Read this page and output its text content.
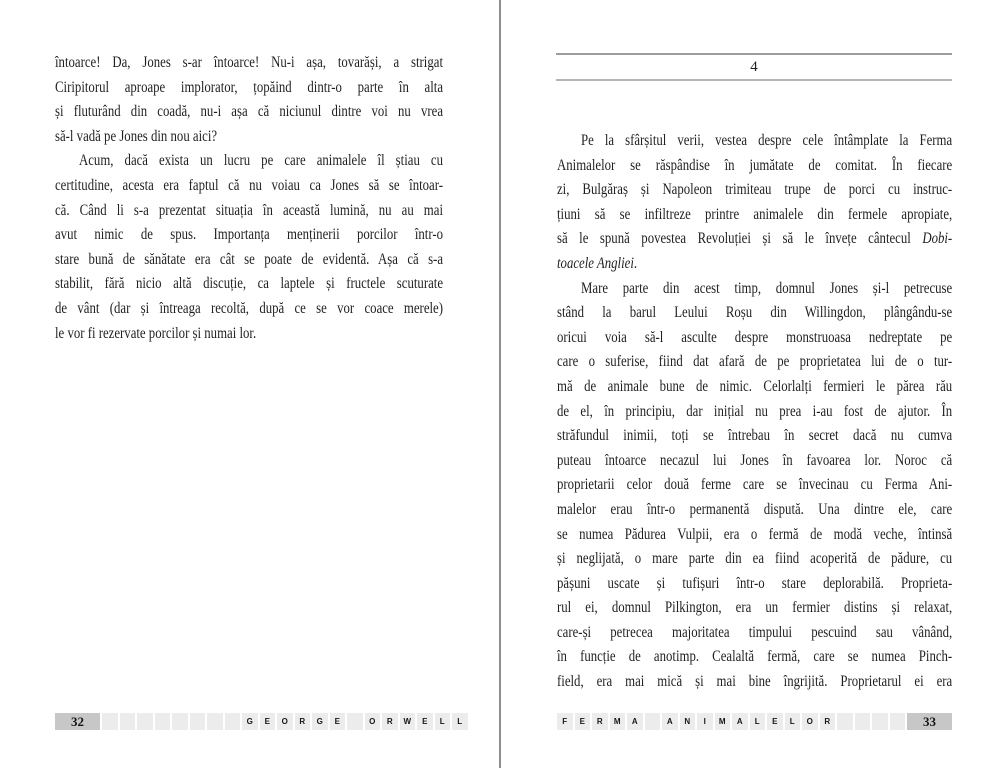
întoarce! Da, Jones s-ar întoarce! Nu-i așa, tovarăși, a strigat
Ciripitorul aproape implorator, țopăind dintr-o parte în alta
și fluturând din coadă, nu-i așa că niciunul dintre voi nu vrea
să-l vadă pe Jones din nou aici?
Acum, dacă exista un lucru pe care animalele îl știau cu
certitudine, acesta era faptul că nu voiau ca Jones să se întoar-
că. Când li s-a prezentat situația în această lumină, nu au mai
avut nimic de spus. Importanța menținerii porcilor într-o
stare bună de sănătate era cât se poate de evidentă. Așa că s-a
stabilit, fără nicio altă discuție, ca laptele și fructele scuturate
de vânt (dar și întreaga recoltă, după ce se vor coace merele)
le vor fi rezervate porcilor și numai lor.
32	G	E	O	R	G	E	O	R	W	E	L	L
4
Pe la sfârșitul verii, vestea despre cele întâmplate la Ferma
Animalelor se răspândise în jumătate de comitat. În fiecare
zi, Bulgăraș și Napoleon trimiteau trupe de porci cu instruc-
țiuni să se infiltreze printre animalele din fermele apropiate,
să le spună povestea Revoluției și să le învețe cântecul Dobi-
toacele Angliei.
Mare parte din acest timp, domnul Jones și-l petrecuse
stând la barul Leului Roșu din Willingdon, plângându-se
oricui voia să-l asculte despre monstruoasa nedreptate pe
care o suferise, fiind dat afară de pe proprietatea lui de o tur-
mă de animale bune de nimic. Celorlalți fermieri le părea rău
de el, în principiu, dar inițial nu prea i-au fost de ajutor. În
străfundul inimii, toți se întrebau în secret dacă nu cumva
puteau întoarce necazul lui Jones în favoarea lor. Noroc că
proprietarii celor două ferme care se învecinau cu Ferma Ani-
malelor erau într-o permanentă dispută. Una dintre ele, care
se numea Pădurea Vulpii, era o fermă de modă veche, întinsă
și neglijată, o mare parte din ea fiind acoperită de pădure, cu
pășuni uscate și tufișuri într-o stare deplorabilă. Proprieta-
rul ei, domnul Pilkington, era un fermier distins și relaxat,
care-și petrecea majoritatea timpului pescuind sau vânând,
în funcție de anotimp. Cealaltă fermă, care se numea Pinch-
field, era mai mică și mai bine îngrijită. Proprietarul ei era
F	E	R	M	A	A	N	I	M	A	L	E	L	O	R	33
